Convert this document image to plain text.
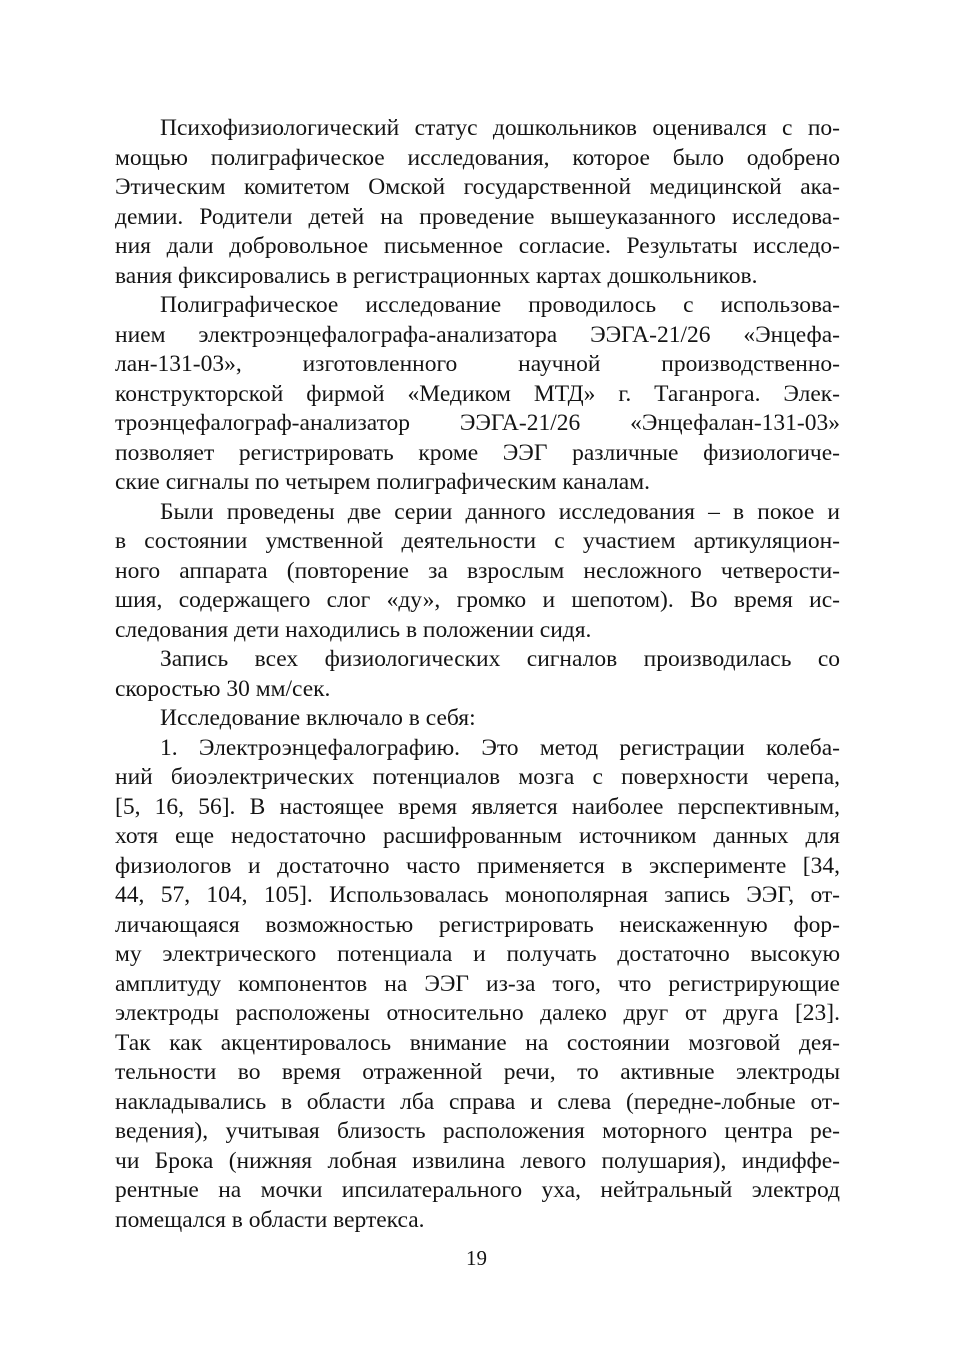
Психофизиологический статус дошкольников оценивался с по-
мощью полиграфическое исследования, которое было одобрено
Этическим комитетом Омской государственной медицинской ака-
демии. Родители детей на проведение вышеуказанного исследова-
ния дали добровольное письменное согласие. Результаты исследо-
вания фиксировались в регистрационных картах дошкольников.

Полиграфическое исследование проводилось с использова-
нием электроэнцефалографа-анализатора ЭЭГА-21/26 «Энцефа-
лан-131-03», изготовленного научной производственно-
конструкторской фирмой «Медиком МТД» г. Таганрога. Элек-
троэнцефалограф-анализатор ЭЭГА-21/26 «Энцефалан-131-03»
позволяет регистрировать кроме ЭЭГ различные физиологиче-
ские сигналы по четырем полиграфическим каналам.

Были проведены две серии данного исследования – в покое и
в состоянии умственной деятельности с участием артикуляцион-
ного аппарата (повторение за взрослым несложного четверости-
шия, содержащего слог «ду», громко и шепотом). Во время ис-
следования дети находились в положении сидя.

Запись всех физиологических сигналов производилась со
скоростью 30 мм/сек.

Исследование включало в себя:

1. Электроэнцефалографию. Это метод регистрации колеба-
ний биоэлектрических потенциалов мозга с поверхности черепа,
[5, 16, 56]. В настоящее время является наиболее перспективным,
хотя еще недостаточно расшифрованным источником данных для
физиологов и достаточно часто применяется в эксперименте [34,
44, 57, 104, 105]. Использовалась монополярная запись ЭЭГ, от-
личающаяся возможностью регистрировать неискаженную фор-
му электрического потенциала и получать достаточно высокую
амплитуду компонентов на ЭЭГ из-за того, что регистрирующие
электроды расположены относительно далеко друг от друга [23].
Так как акцентировалось внимание на состоянии мозговой дея-
тельности во время отраженной речи, то активные электроды
накладывались в области лба справа и слева (передне-лобные от-
ведения), учитывая близость расположения моторного центра ре-
чи Брока (нижняя лобная извилина левого полушария), индиффе-
рентные на мочки ипсилатерального уха, нейтральный электрод
помещался в области вертекса.

19
